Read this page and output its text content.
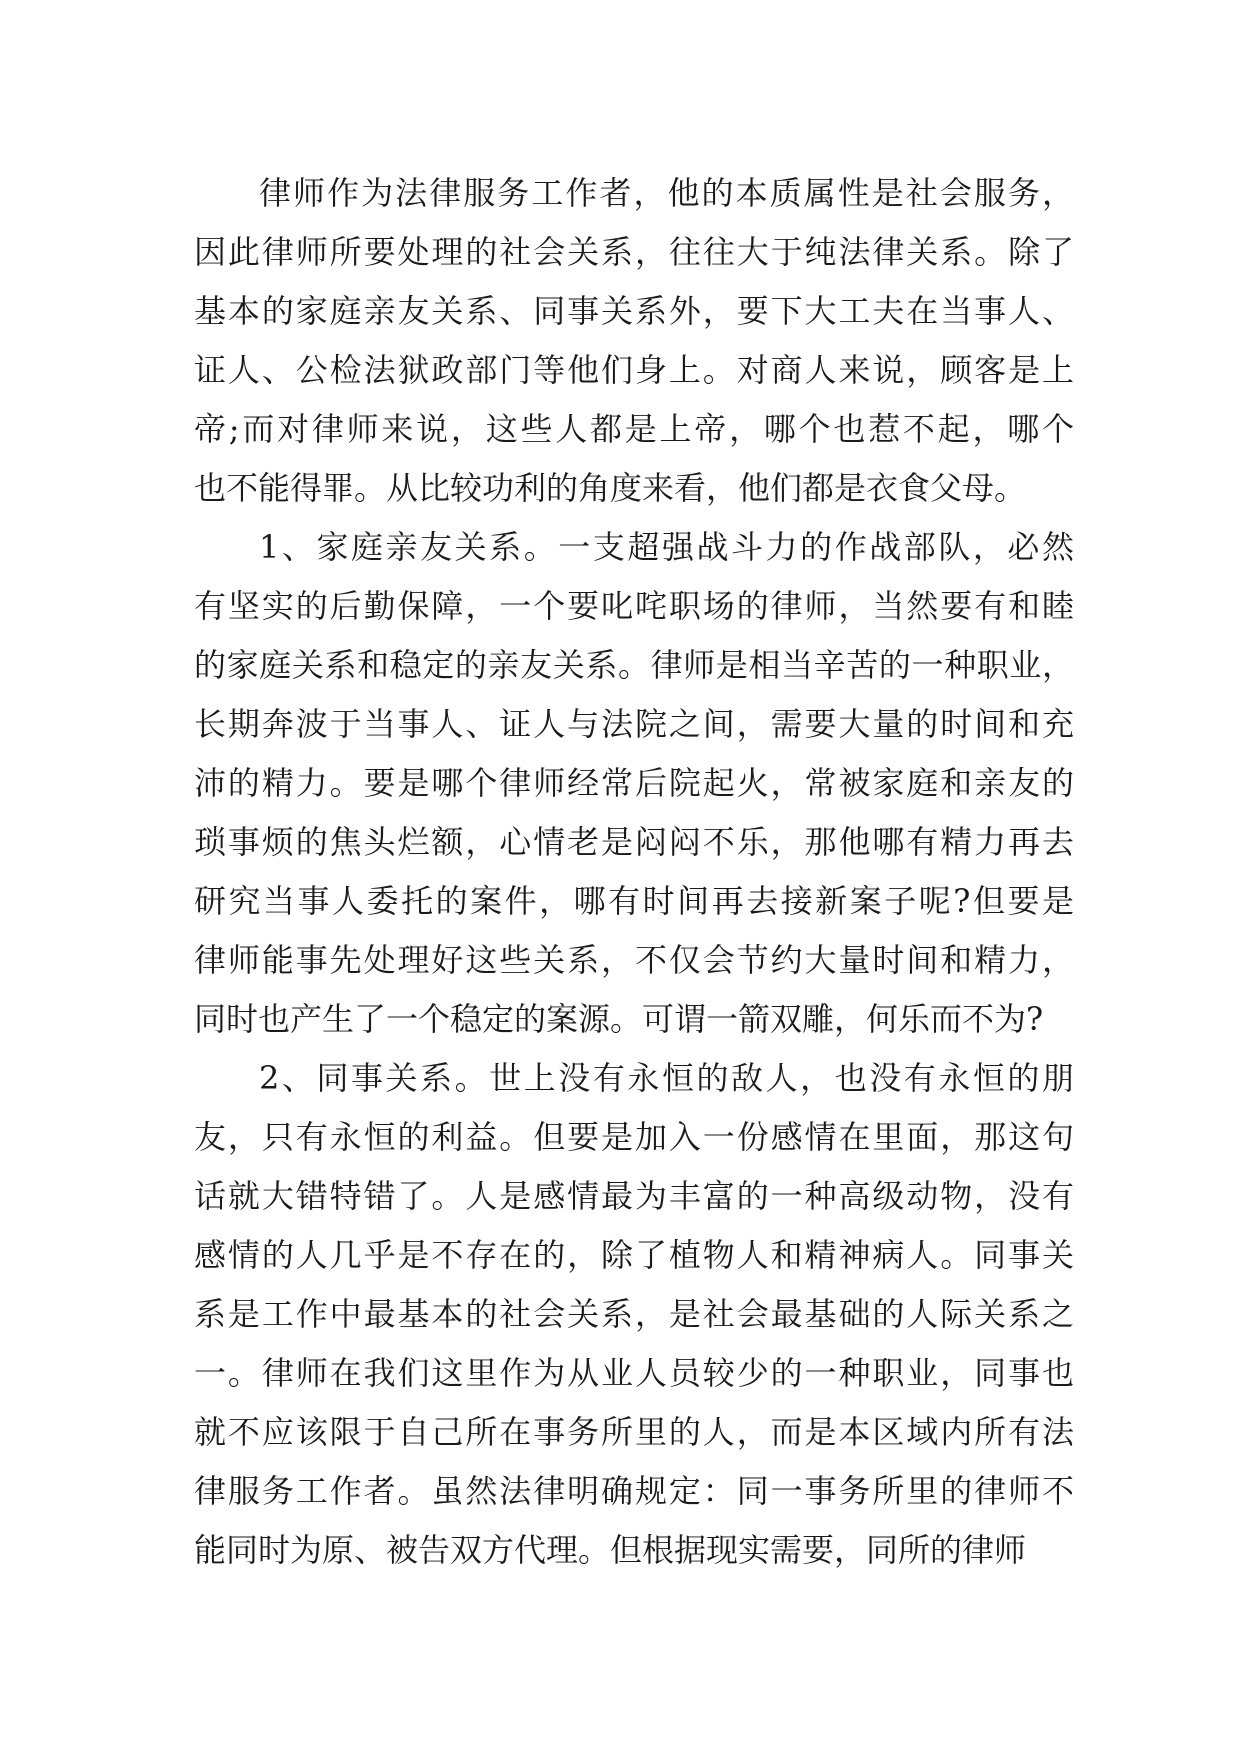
律师作为法律服务工作者，他的本质属性是社会服务，
因此律师所要处理的社会关系，往往大于纯法律关系。除了
基本的家庭亲友关系、同事关系外，要下大工夫在当事人、
证人、公检法狱政部门等他们身上。对商人来说，顾客是上
帝;而对律师来说，这些人都是上帝，哪个也惹不起，哪个
也不能得罪。从比较功利的角度来看，他们都是衣食父母。
1、家庭亲友关系。一支超强战斗力的作战部队，必然
有坚实的后勤保障，一个要叱咤职场的律师，当然要有和睦
的家庭关系和稳定的亲友关系。律师是相当辛苦的一种职业，
长期奔波于当事人、证人与法院之间，需要大量的时间和充
沛的精力。要是哪个律师经常后院起火，常被家庭和亲友的
琐事烦的焦头烂额，心情老是闷闷不乐，那他哪有精力再去
研究当事人委托的案件，哪有时间再去接新案子呢?但要是
律师能事先处理好这些关系，不仅会节约大量时间和精力，
同时也产生了一个稳定的案源。可谓一箭双雕，何乐而不为?
2、同事关系。世上没有永恒的敌人，也没有永恒的朋
友，只有永恒的利益。但要是加入一份感情在里面，那这句
话就大错特错了。人是感情最为丰富的一种高级动物，没有
感情的人几乎是不存在的，除了植物人和精神病人。同事关
系是工作中最基本的社会关系，是社会最基础的人际关系之
一。律师在我们这里作为从业人员较少的一种职业，同事也
就不应该限于自己所在事务所里的人，而是本区域内所有法
律服务工作者。虽然法律明确规定：同一事务所里的律师不
能同时为原、被告双方代理。但根据现实需要，同所的律师
